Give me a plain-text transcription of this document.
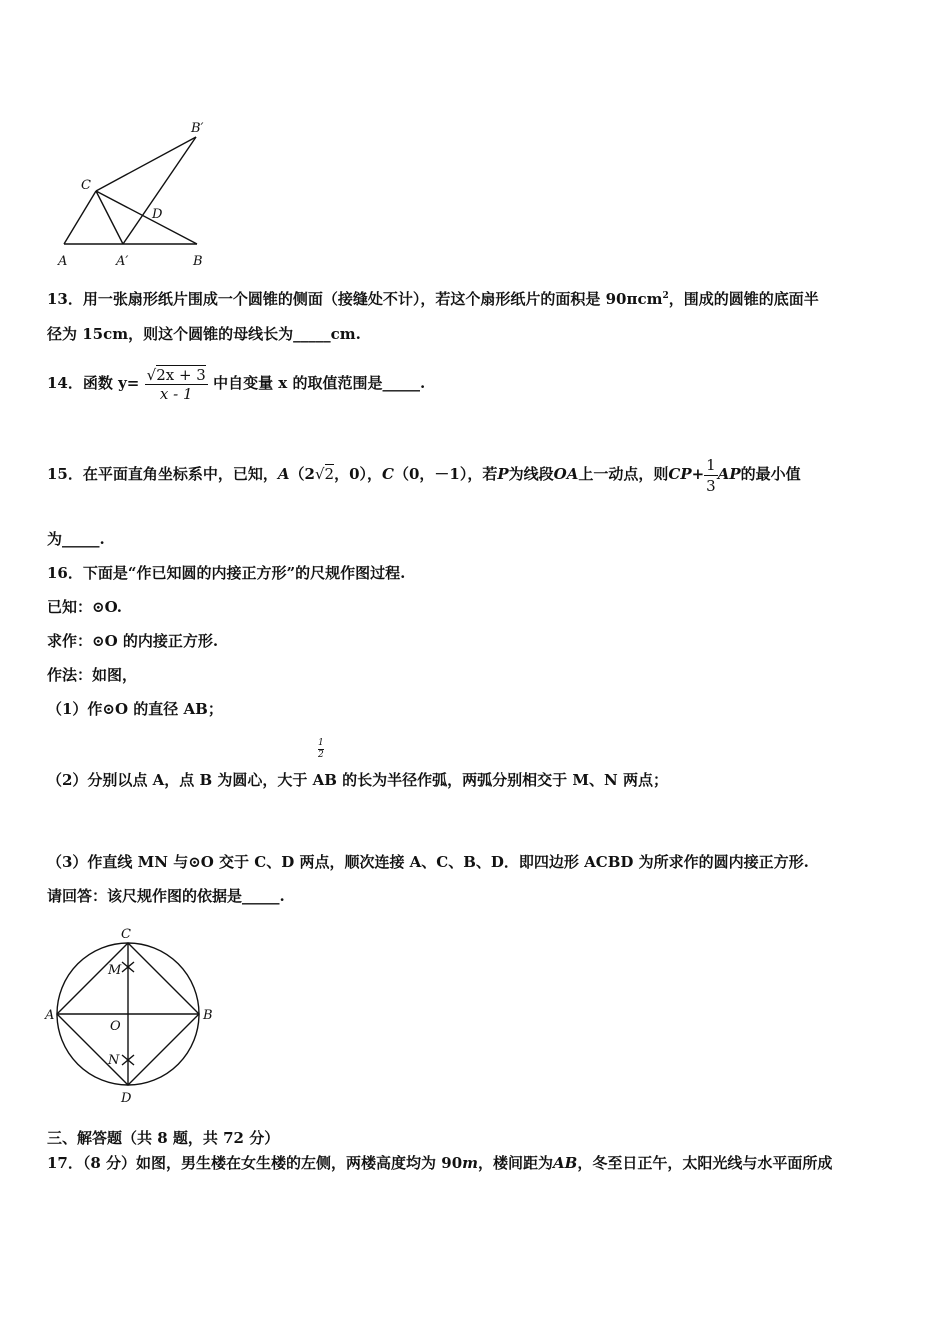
B′
C
D
A	A′	B
13．用一张扇形纸片围成一个圆锥的侧面（接缝处不计），若这个扇形纸片的面积是 90πcm$^2$，围成的圆锥的底面半
径为 15cm，则这个圆锥的母线长为_____cm.
14．函数 $y= \frac{√2x + 3}{x - 1}$ 中自变量 x 的取值范围是_____.
15．在平面直角坐标系中，已知，A（2√2，0），C（0，－1），若P为线段OA上一动点，则$CP+ \frac{1}{3}$ AP的最小值
为_____.
16．下面是“作已知圆的内接正方形”的尺规作图过程.
已知：⊙O.
求作：⊙O 的内接正方形.
作法：如图，
（1）作⊙O 的直径 AB；
1
2
（2）分别以点 A，点 B 为圆心，大于 AB 的长为半径作弧，两弧分别相交于 M、N 两点；
（3）作直线 MN 与⊙O 交于 C、D 两点，顺次连接 A、C、B、D．即四边形 ACBD 为所求作的圆内接正方形.
请回答：该尺规作图的依据是_____.
C
M
A	B
O
N
D
三、解答题（共 8 题，共 72 分）
17．（8 分）如图，男生楼在女生楼的左侧，两楼高度均为 90m，楼间距为AB，冬至日正午，太阳光线与水平面所成
